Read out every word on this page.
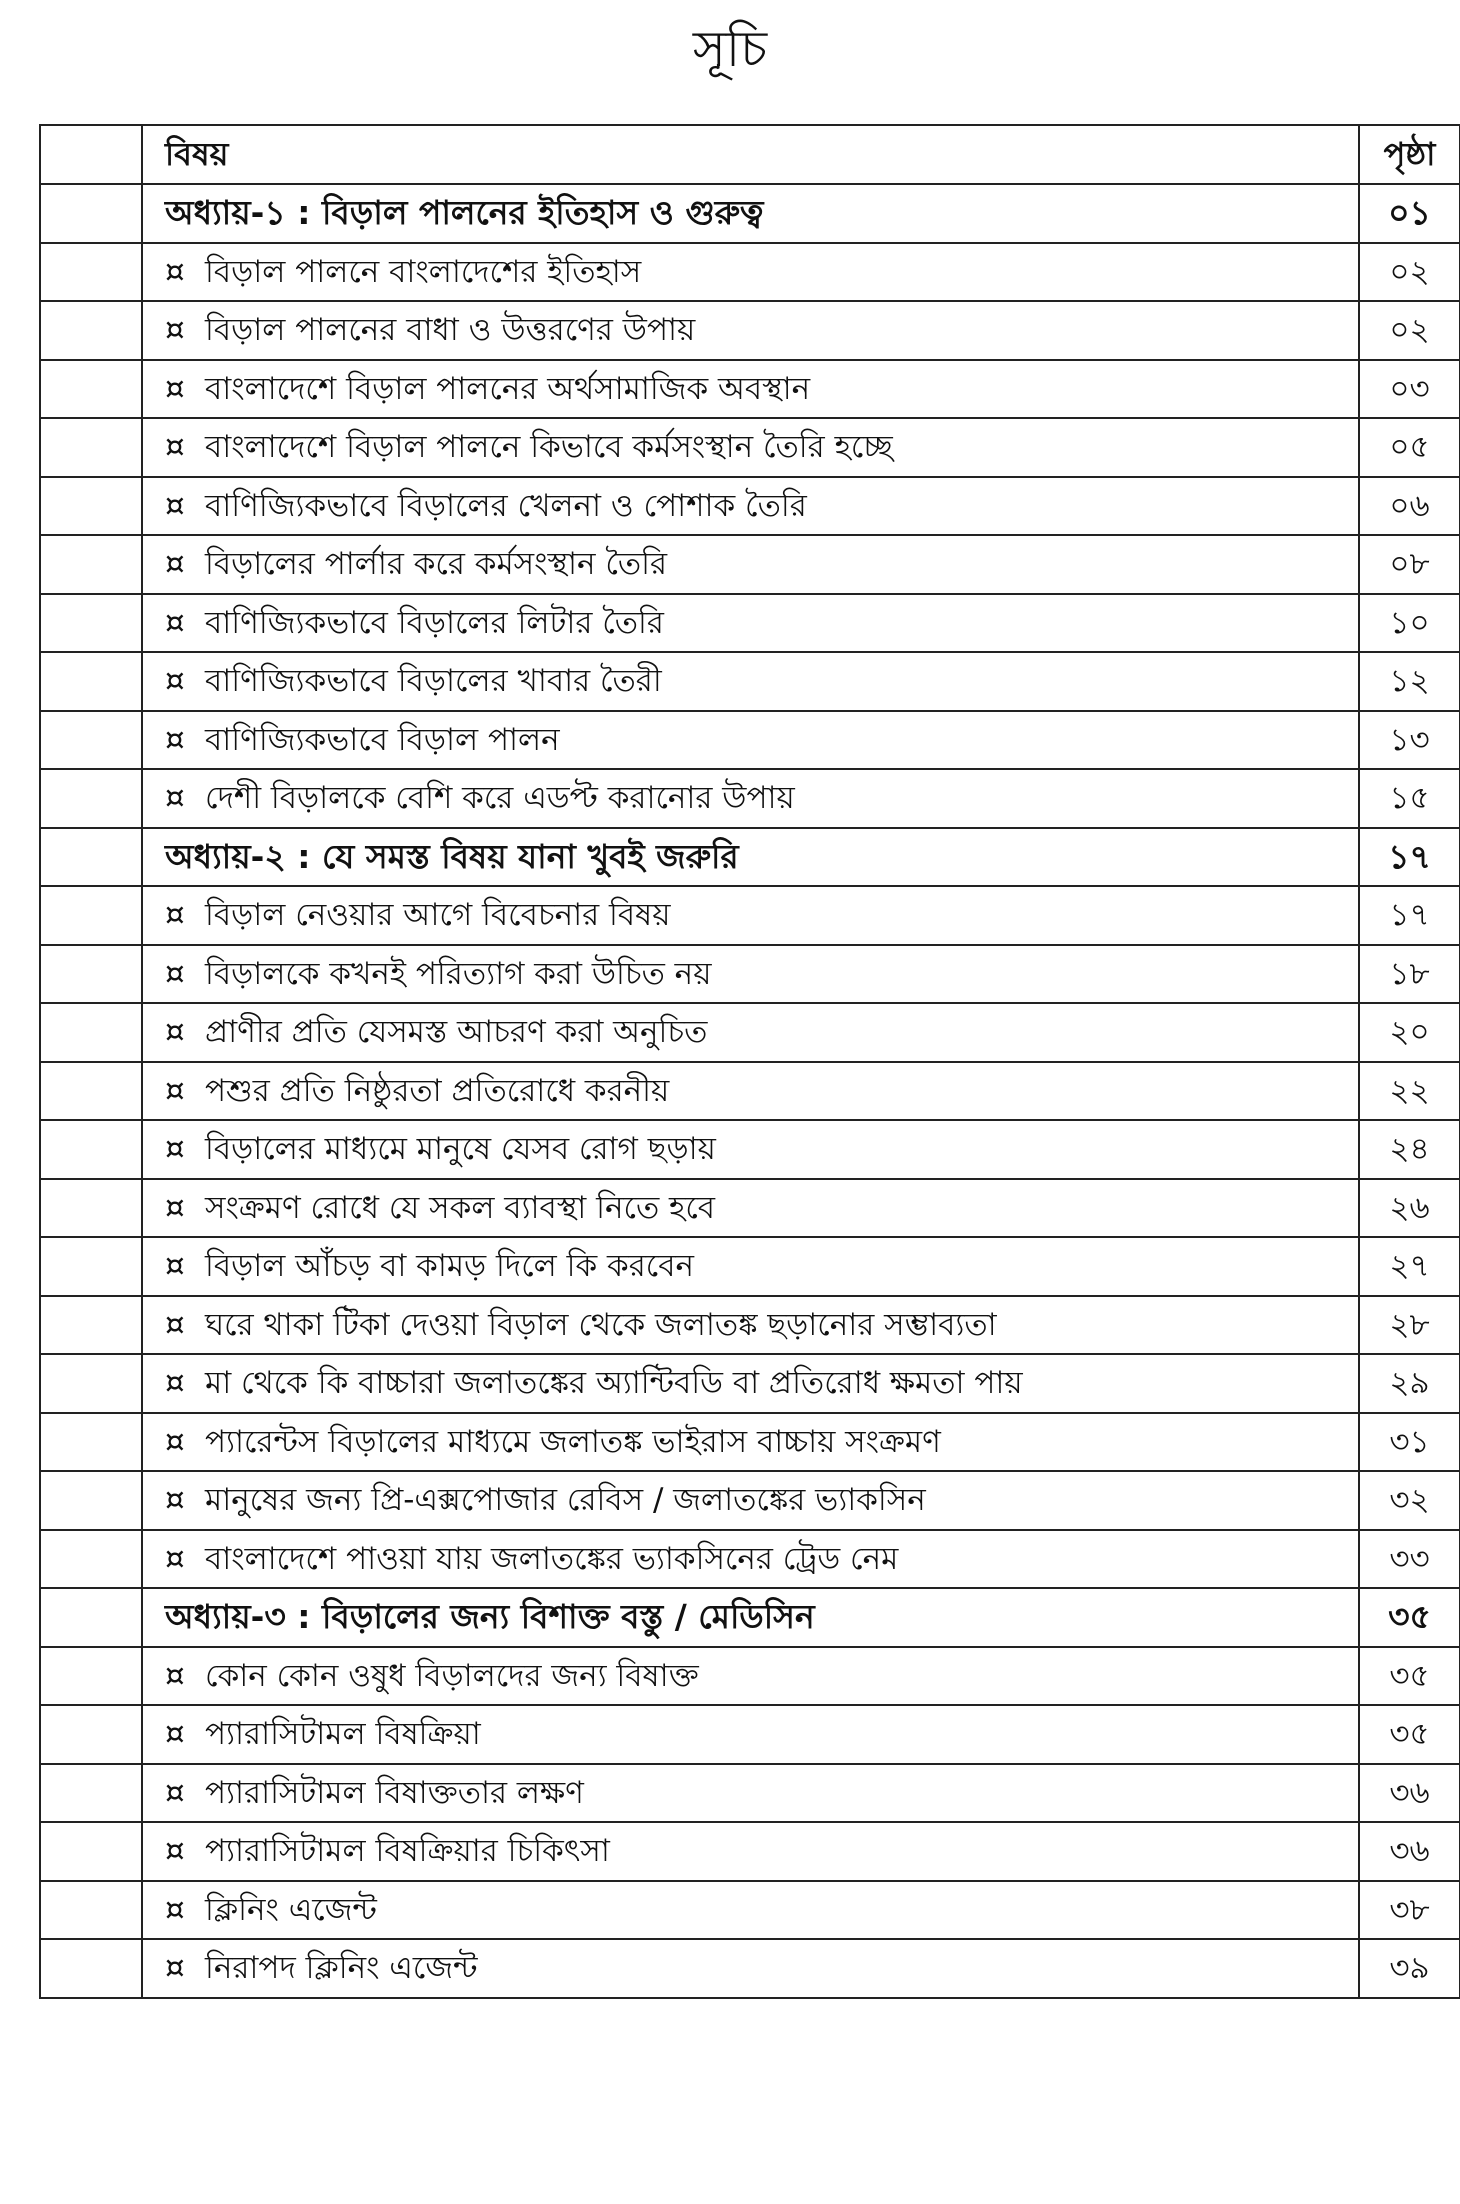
সূচি
	বিষয়	পৃষ্ঠা
	অধ্যায়-১ : বিড়াল পালনের ইতিহাস ও গুরুত্ব	০১
	¤ বিড়াল পালনে বাংলাদেশের ইতিহাস	০২
	¤ বিড়াল পালনের বাধা ও উত্তরণের উপায়	০২
	¤ বাংলাদেশে বিড়াল পালনের অর্থসামাজিক অবস্থান	০৩
	¤ বাংলাদেশে বিড়াল পালনে কিভাবে কর্মসংস্থান তৈরি হচ্ছে	০৫
	¤ বাণিজ্যিকভাবে বিড়ালের খেলনা ও পোশাক তৈরি	০৬
	¤ বিড়ালের পার্লার করে কর্মসংস্থান তৈরি	০৮
	¤ বাণিজ্যিকভাবে বিড়ালের লিটার তৈরি	১০
	¤ বাণিজ্যিকভাবে বিড়ালের খাবার তৈরী	১২
	¤ বাণিজ্যিকভাবে বিড়াল পালন	১৩
	¤ দেশী বিড়ালকে বেশি করে এডপ্ট করানোর উপায়	১৫
	অধ্যায়-২ : যে সমস্ত বিষয় যানা খুবই জরুরি	১৭
	¤ বিড়াল নেওয়ার আগে বিবেচনার বিষয়	১৭
	¤ বিড়ালকে কখনই পরিত্যাগ করা উচিত নয়	১৮
	¤ প্রাণীর প্রতি যেসমস্ত আচরণ করা অনুচিত	২০
	¤ পশুর প্রতি নিষ্ঠুরতা প্রতিরোধে করনীয়	২২
	¤ বিড়ালের মাধ্যমে মানুষে যেসব রোগ ছড়ায়	২৪
	¤ সংক্রমণ রোধে যে সকল ব্যাবস্থা নিতে হবে	২৬
	¤ বিড়াল আঁচড় বা কামড় দিলে কি করবেন	২৭
	¤ ঘরে থাকা টিকা দেওয়া বিড়াল থেকে জলাতঙ্ক ছড়ানোর সম্ভাব্যতা	২৮
	¤ মা থেকে কি বাচ্চারা জলাতঙ্কের অ্যান্টিবডি বা প্রতিরোধ ক্ষমতা পায়	২৯
	¤ প্যারেন্টস বিড়ালের মাধ্যমে জলাতঙ্ক ভাইরাস বাচ্চায় সংক্রমণ	৩১
	¤ মানুষের জন্য প্রি-এক্সপোজার রেবিস / জলাতঙ্কের ভ্যাকসিন	৩২
	¤ বাংলাদেশে পাওয়া যায় জলাতঙ্কের ভ্যাকসিনের ট্রেড নেম	৩৩
	অধ্যায়-৩ : বিড়ালের জন্য বিশাক্ত বস্তু / মেডিসিন	৩৫
	¤ কোন কোন ওষুধ বিড়ালদের জন্য বিষাক্ত	৩৫
	¤ প্যারাসিটামল বিষক্রিয়া	৩৫
	¤ প্যারাসিটামল বিষাক্ততার লক্ষণ	৩৬
	¤ প্যারাসিটামল বিষক্রিয়ার চিকিৎসা	৩৬
	¤ ক্লিনিং এজেন্ট	৩৮
	¤ নিরাপদ ক্লিনিং এজেন্ট	৩৯
